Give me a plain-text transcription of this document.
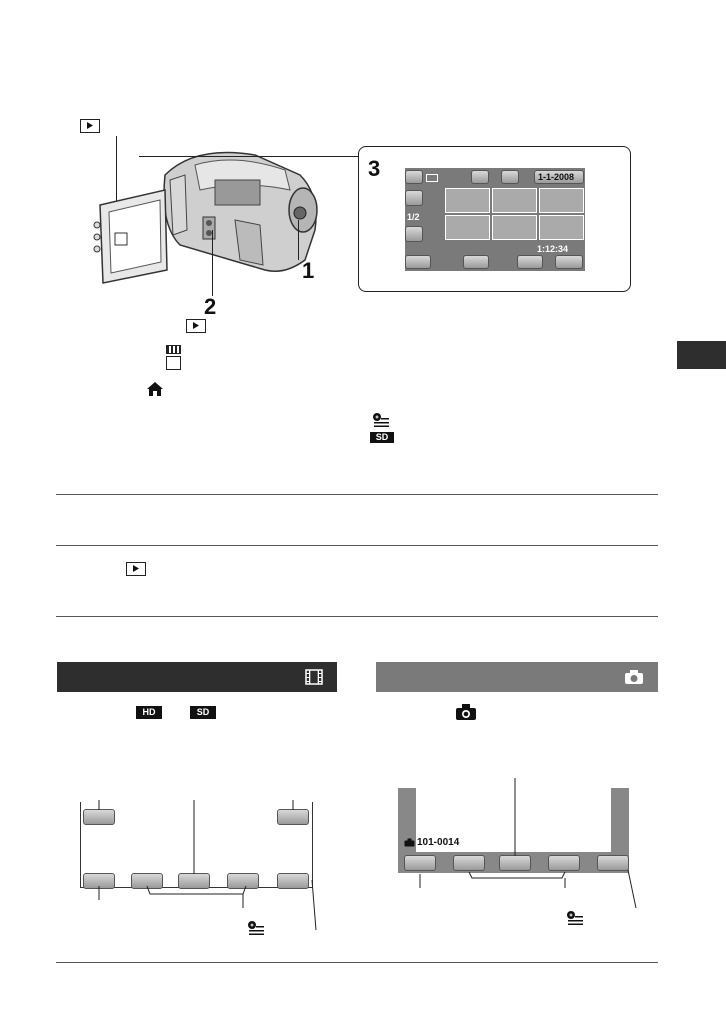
1
2
3	1-1-2008
1/2
1:12:34
SD
HD	SD
101-0014
